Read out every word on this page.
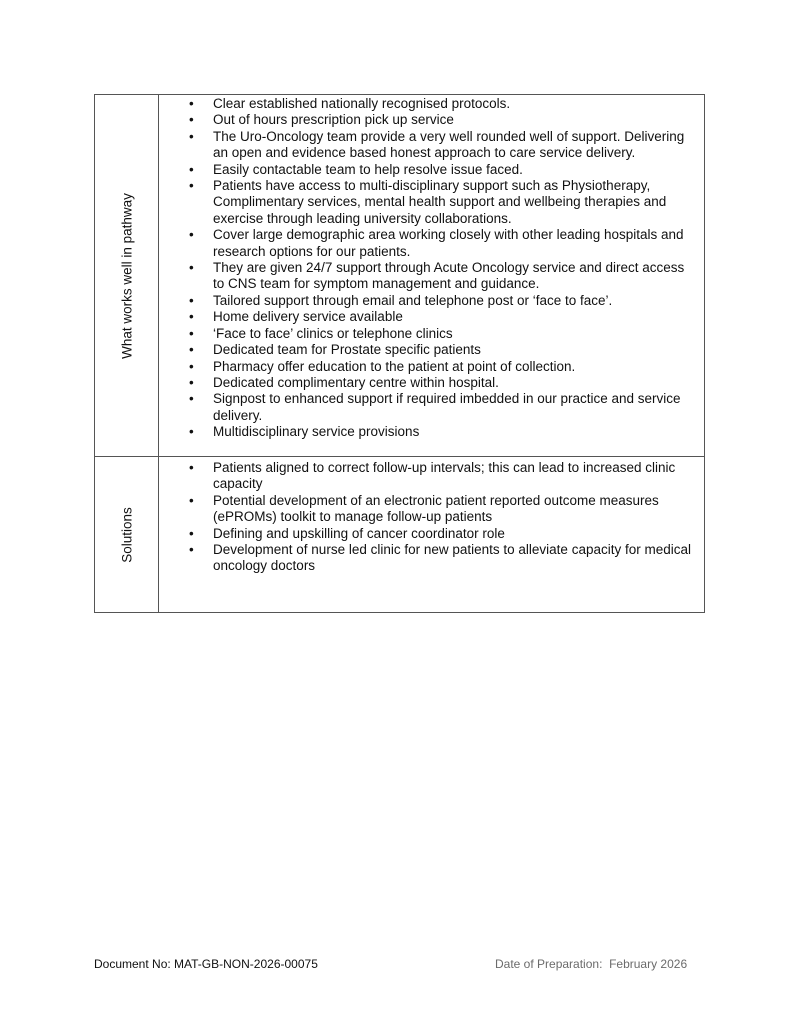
What works well in pathway
• Clear established nationally recognised protocols.
• Out of hours prescription pick up service
• The Uro-Oncology team provide a very well rounded well of support. Delivering an open and evidence based honest approach to care service delivery.
• Easily contactable team to help resolve issue faced.
• Patients have access to multi-disciplinary support such as Physiotherapy, Complimentary services, mental health support and wellbeing therapies and exercise through leading university collaborations.
• Cover large demographic area working closely with other leading hospitals and research options for our patients.
• They are given 24/7 support through Acute Oncology service and direct access to CNS team for symptom management and guidance.
• Tailored support through email and telephone post or ‘face to face’.
• Home delivery service available
• ‘Face to face’ clinics or telephone clinics
• Dedicated team for Prostate specific patients
• Pharmacy offer education to the patient at point of collection.
• Dedicated complimentary centre within hospital.
• Signpost to enhanced support if required imbedded in our practice and service delivery.
• Multidisciplinary service provisions
Solutions
• Patients aligned to correct follow-up intervals; this can lead to increased clinic capacity
• Potential development of an electronic patient reported outcome measures (ePROMs) toolkit to manage follow-up patients
• Defining and upskilling of cancer coordinator role
• Development of nurse led clinic for new patients to alleviate capacity for medical oncology doctors
Document No: MAT-GB-NON-2026-00075	Date of Preparation:  February 2026
